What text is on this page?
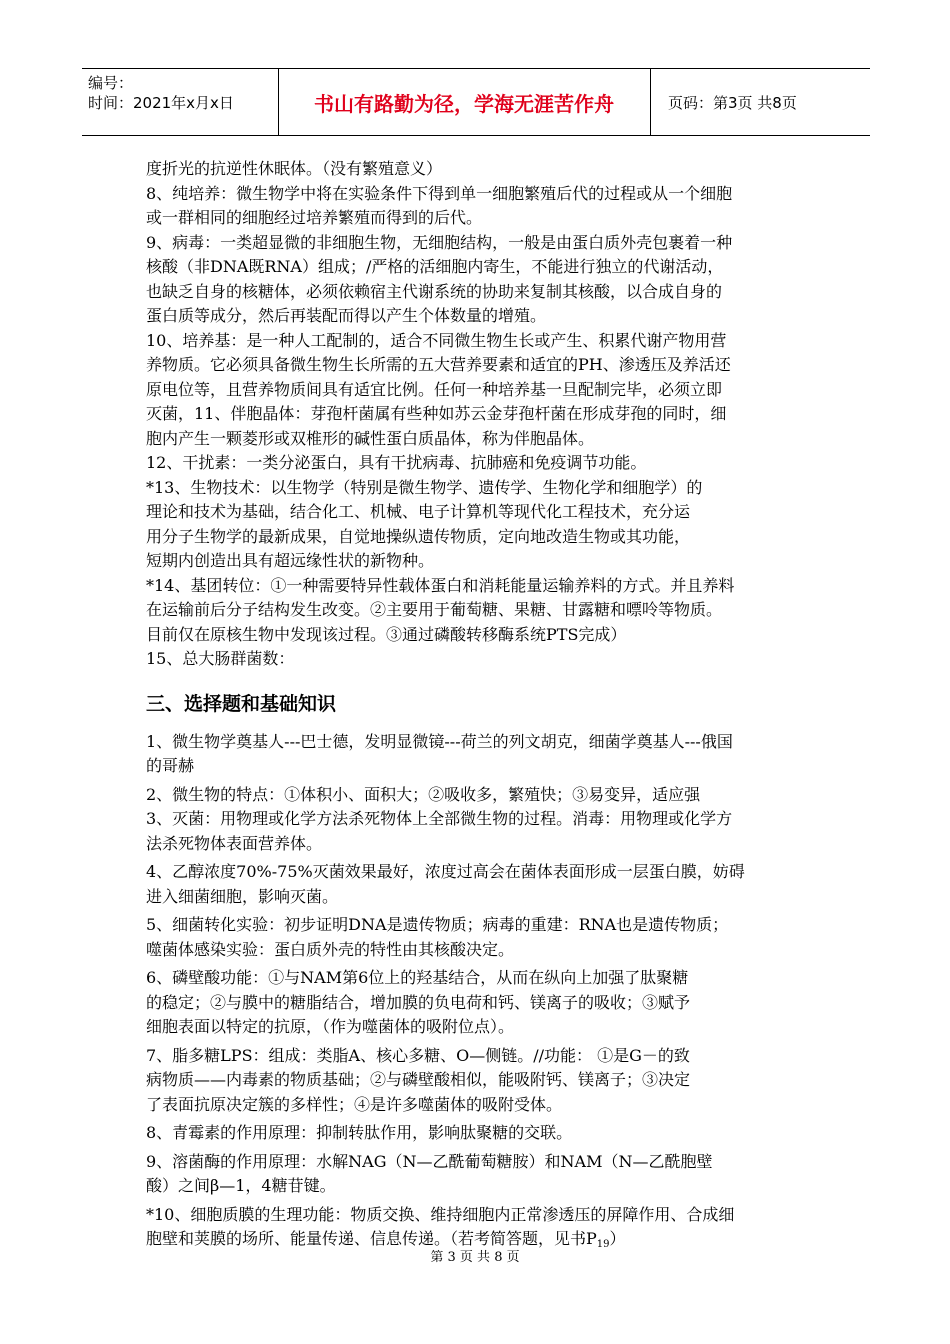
编号：
时间：2021年x月x日	书山有路勤为径，学海无涯苦作舟	页码：第3页 共8页
度折光的抗逆性休眠体。（没有繁殖意义）
8、纯培养：微生物学中将在实验条件下得到单一细胞繁殖后代的过程或从一个细胞
或一群相同的细胞经过培养繁殖而得到的后代。
9、病毒：一类超显微的非细胞生物，无细胞结构，一般是由蛋白质外壳包裹着一种
核酸（非DNA既RNA）组成；/严格的活细胞内寄生，不能进行独立的代谢活动，
也缺乏自身的核糖体，必须依赖宿主代谢系统的协助来复制其核酸，以合成自身的
蛋白质等成分，然后再装配而得以产生个体数量的增殖。
10、培养基：是一种人工配制的，适合不同微生物生长或产生、积累代谢产物用营
养物质。它必须具备微生物生长所需的五大营养要素和适宜的PH、渗透压及养活还
原电位等，且营养物质间具有适宜比例。任何一种培养基一旦配制完毕，必须立即
灭菌，11、伴胞晶体：芽孢杆菌属有些种如苏云金芽孢杆菌在形成芽孢的同时，细
胞内产生一颗菱形或双椎形的碱性蛋白质晶体，称为伴胞晶体。
12、干扰素：一类分泌蛋白，具有干扰病毒、抗肺癌和免疫调节功能。
*13、生物技术：以生物学（特别是微生物学、遗传学、生物化学和细胞学）的
理论和技术为基础，结合化工、机械、电子计算机等现代化工程技术，充分运
用分子生物学的最新成果，自觉地操纵遗传物质，定向地改造生物或其功能，
短期内创造出具有超远缘性状的新物种。
*14、基团转位：①一种需要特异性载体蛋白和消耗能量运输养料的方式。并且养料
在运输前后分子结构发生改变。②主要用于葡萄糖、果糖、甘露糖和嘌呤等物质。
目前仅在原核生物中发现该过程。③通过磷酸转移酶系统PTS完成）
15、总大肠群菌数：
三、选择题和基础知识
1、微生物学奠基人---巴士德，发明显微镜---荷兰的列文胡克，细菌学奠基人---俄国
的哥赫
2、微生物的特点：①体积小、面积大；②吸收多，繁殖快；③易变异，适应强
3、灭菌：用物理或化学方法杀死物体上全部微生物的过程。消毒：用物理或化学方
法杀死物体表面营养体。
4、乙醇浓度70%-75%灭菌效果最好，浓度过高会在菌体表面形成一层蛋白膜，妨碍
进入细菌细胞，影响灭菌。
5、细菌转化实验：初步证明DNA是遗传物质；病毒的重建：RNA也是遗传物质；
噬菌体感染实验：蛋白质外壳的特性由其核酸决定。
6、磷壁酸功能：①与NAM第6位上的羟基结合，从而在纵向上加强了肽聚糖
的稳定；②与膜中的糖脂结合，增加膜的负电荷和钙、镁离子的吸收；③赋予
细胞表面以特定的抗原，（作为噬菌体的吸附位点）。
7、脂多糖LPS：组成：类脂A、核心多糖、O—侧链。//功能： ①是G－的致
病物质——内毒素的物质基础；②与磷壁酸相似，能吸附钙、镁离子；③决定
了表面抗原决定簇的多样性；④是许多噬菌体的吸附受体。
8、青霉素的作用原理：抑制转肽作用，影响肽聚糖的交联。
9、溶菌酶的作用原理：水解NAG（N—乙酰葡萄糖胺）和NAM（N—乙酰胞壁
酸）之间β—1，4糖苷键。
*10、细胞质膜的生理功能：物质交换、维持细胞内正常渗透压的屏障作用、合成细
胞壁和荚膜的场所、能量传递、信息传递。（若考简答题，见书$P_{19}$）
第 3 页 共 8 页
